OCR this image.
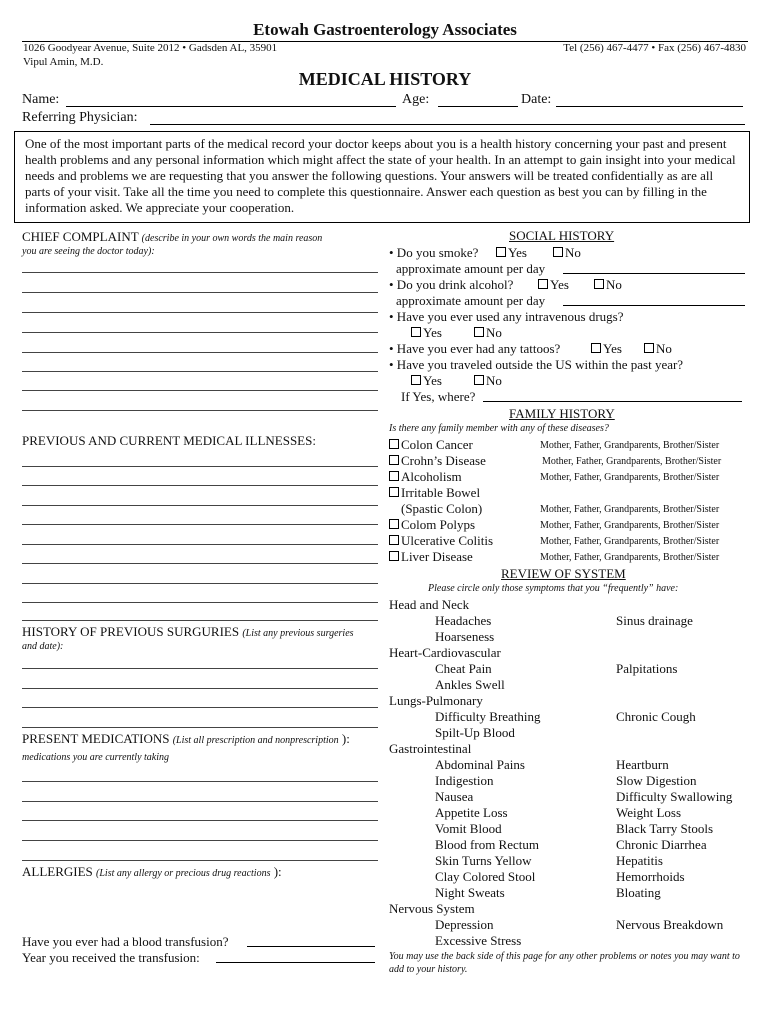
Etowah Gastroenterology Associates
1026 Goodyear Avenue, Suite 2012 • Gadsden AL, 35901	Tel (256) 467-4477 • Fax (256) 467-4830
Vipul Amin, M.D.
MEDICAL HISTORY
Name:	Age:	Date:
Referring Physician:
One of the most important parts of the medical record your doctor keeps about you is a health history concerning your past and present health problems and any personal information which might affect the state of your health. In an attempt to gain insight into your medical needs and problems we are requesting that you answer the following questions. Your answers will be treated confidentially as are all parts of your visit. Take all the time you need to complete this questionnaire. Answer each question as best you can by filling in the information asked. We appreciate your cooperation.
CHIEF COMPLAINT (describe in your own words the main reason
you are seeing the doctor today):
PREVIOUS AND CURRENT MEDICAL ILLNESSES:
HISTORY OF PREVIOUS SURGURIES (List any previous surgeries
and date):
PRESENT MEDICATIONS (List all prescription and nonprescription ):
medications you are currently taking
ALLERGIES (List any allergy or precious drug reactions ):
Have you ever had a blood transfusion?
Year you received the transfusion:
SOCIAL HISTORY
• Do you smoke?	Yes	No
approximate amount per day
• Do you drink alcohol?	Yes	No
approximate amount per day
• Have you ever used any intravenous drugs?
Yes	No
• Have you ever had any tattoos?	Yes	No
• Have you traveled outside the US within the past year?
Yes	No
If Yes, where?
FAMILY HISTORY
Is there any family member with any of these diseases?
Colon Cancer	Mother, Father, Grandparents, Brother/Sister
Crohn’s Disease	Mother, Father, Grandparents, Brother/Sister
Alcoholism	Mother, Father, Grandparents, Brother/Sister
Irritable Bowel
(Spastic Colon)	Mother, Father, Grandparents, Brother/Sister
Colom Polyps	Mother, Father, Grandparents, Brother/Sister
Ulcerative Colitis	Mother, Father, Grandparents, Brother/Sister
Liver Disease	Mother, Father, Grandparents, Brother/Sister
REVIEW OF SYSTEM
Please circle only those symptoms that you “frequently” have:
Head and Neck
Headaches	Sinus drainage
Hoarseness
Heart-Cardiovascular
Cheat Pain	Palpitations
Ankles Swell
Lungs-Pulmonary
Difficulty Breathing	Chronic Cough
Spilt-Up Blood
Gastrointestinal
Abdominal Pains	Heartburn
Indigestion	Slow Digestion
Nausea	Difficulty Swallowing
Appetite Loss	Weight Loss
Vomit Blood	Black Tarry Stools
Blood from Rectum	Chronic Diarrhea
Skin Turns Yellow	Hepatitis
Clay Colored Stool	Hemorrhoids
Night Sweats	Bloating
Nervous System
Depression	Nervous Breakdown
Excessive Stress
You may use the back side of this page for any other problems or notes you may want to add to your history.
